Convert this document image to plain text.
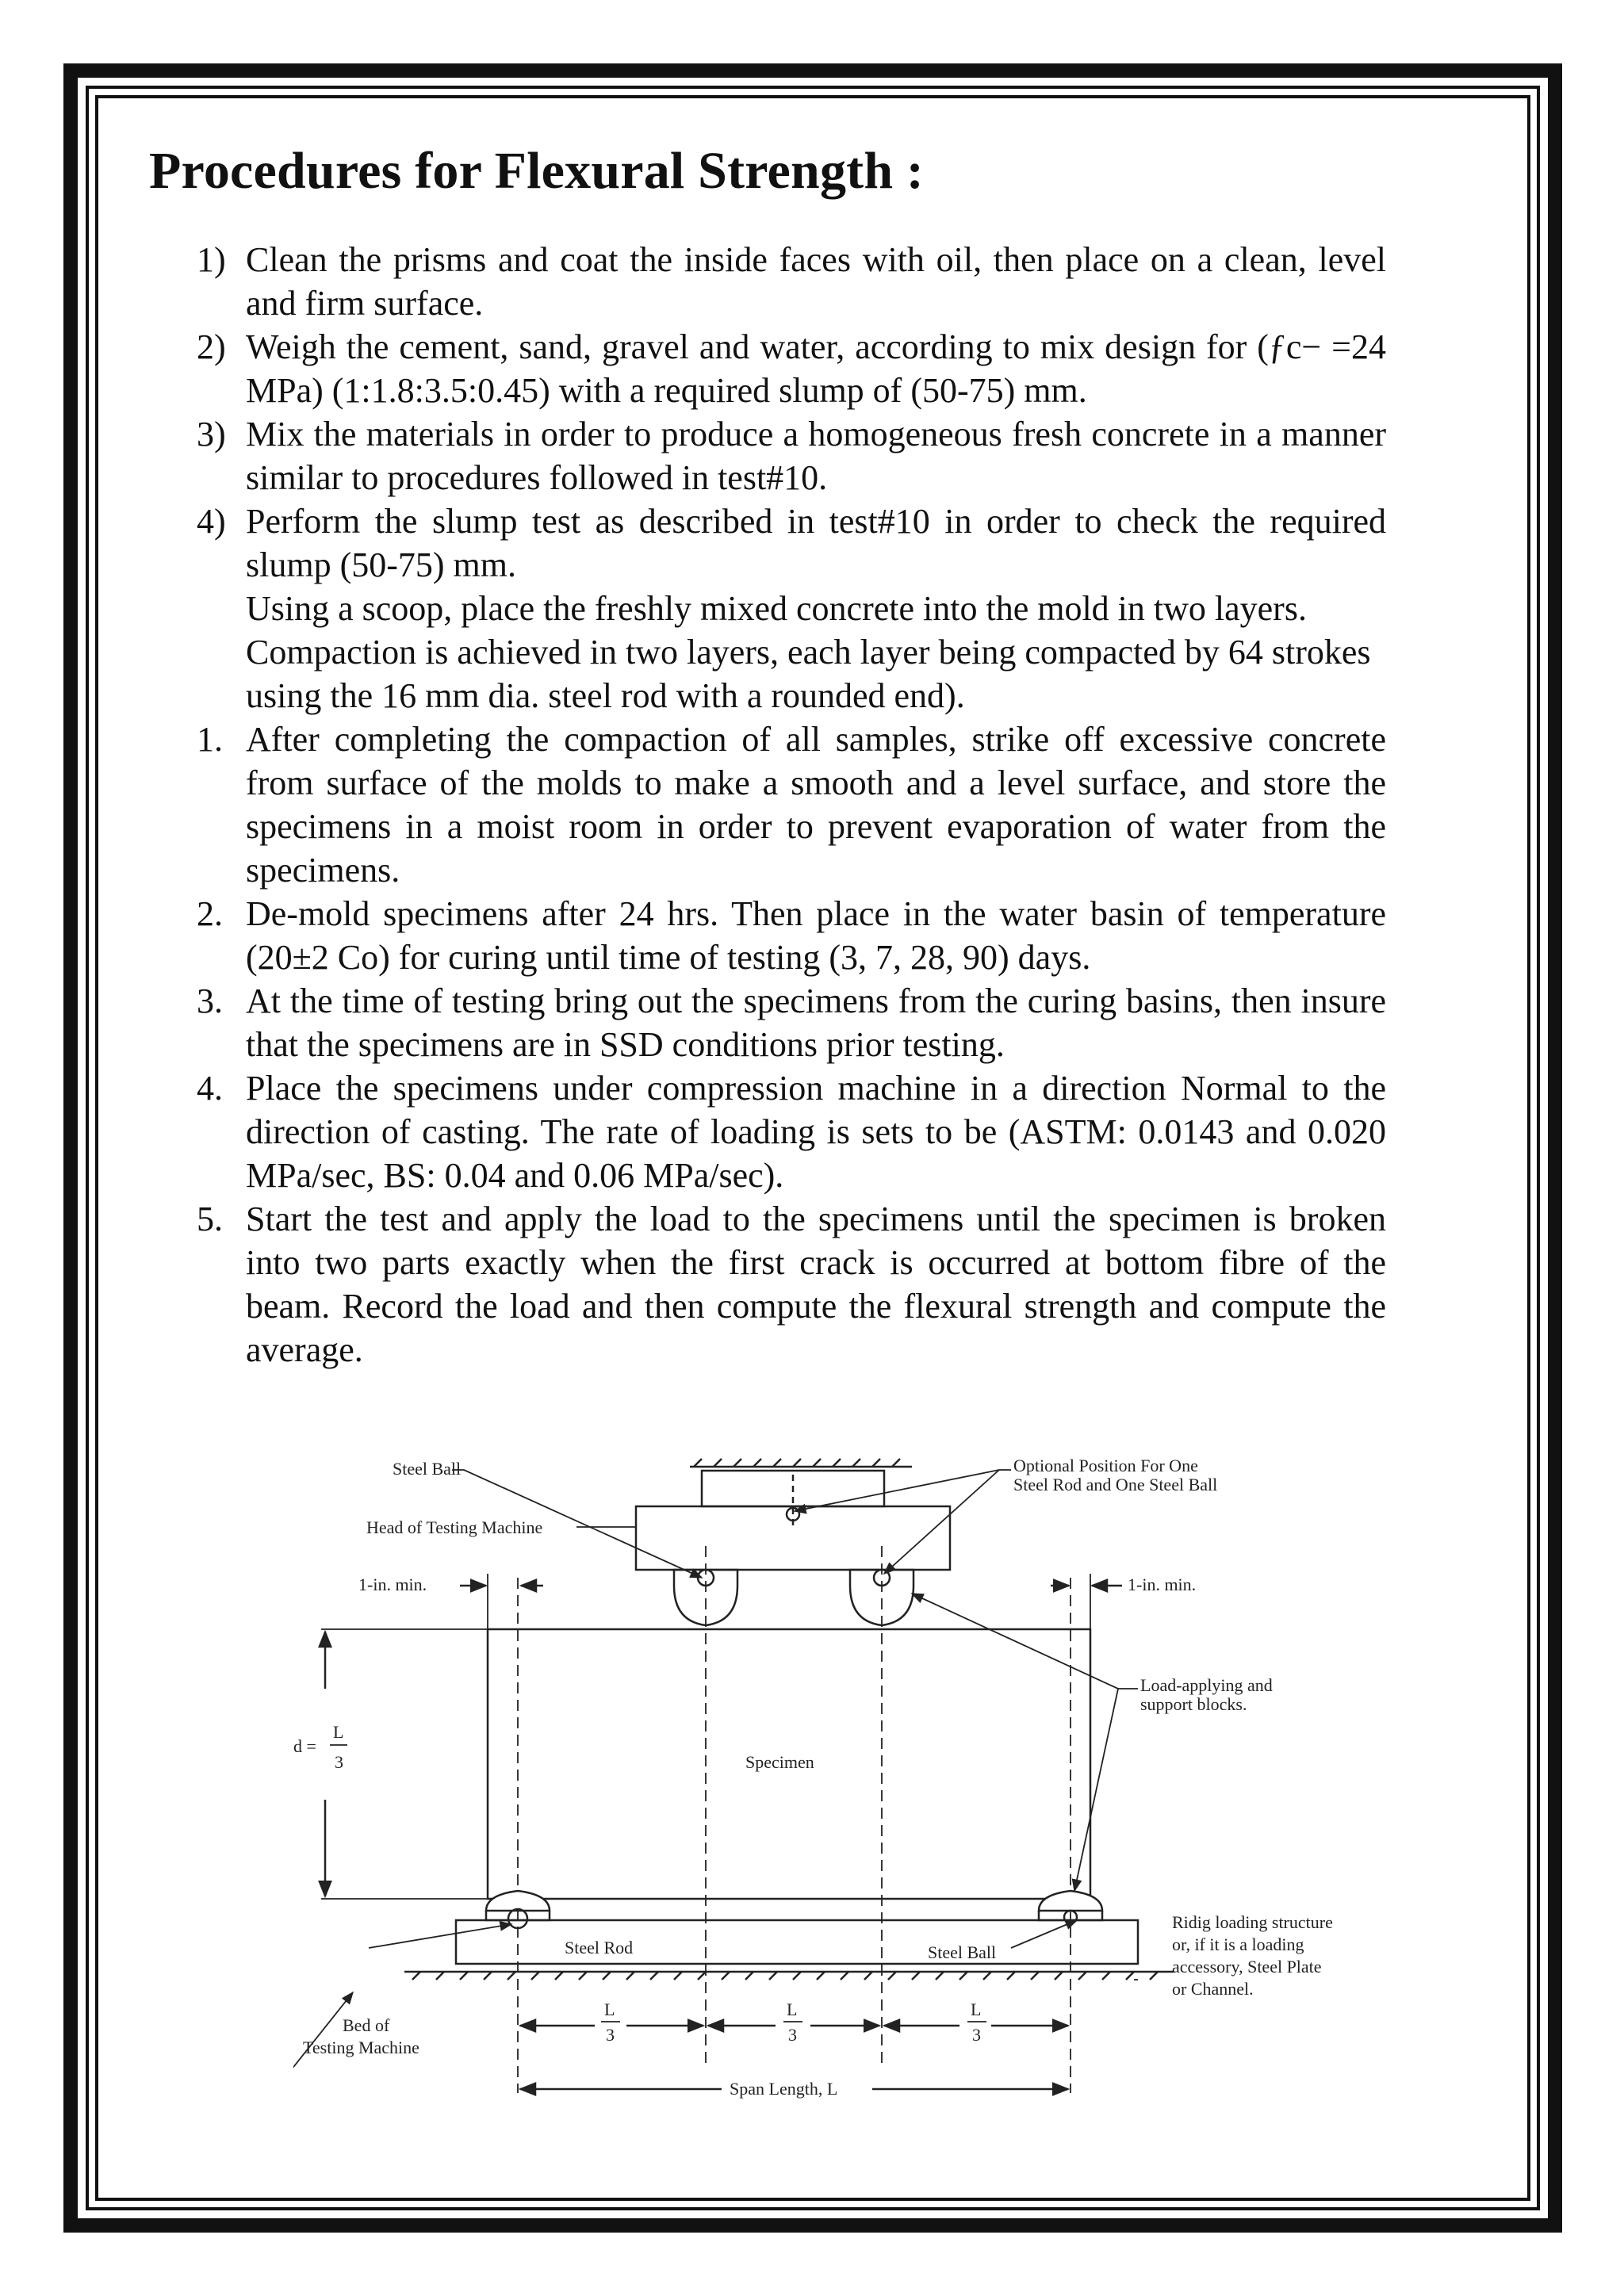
Procedures for Flexural Strength :
1) Clean the prisms and coat the inside faces with oil, then place on a clean, level and firm surface.
2) Weigh the cement, sand, gravel and water, according to mix design for (ƒc− =24 MPa) (1:1.8:3.5:0.45) with a required slump of (50-75) mm.
3) Mix the materials in order to produce a homogeneous fresh concrete in a manner similar to procedures followed in test#10.
4) Perform the slump test as described in test#10 in order to check the required slump (50-75) mm.
Using a scoop, place the freshly mixed concrete into the mold in two layers. Compaction is achieved in two layers, each layer being compacted by 64 strokes using the 16 mm dia. steel rod with a rounded end).
1. After completing the compaction of all samples, strike off excessive concrete from surface of the molds to make a smooth and a level surface, and store the specimens in a moist room in order to prevent evaporation of water from the specimens.
2. De-mold specimens after 24 hrs. Then place in the water basin of temperature (20±2 Co) for curing until time of testing (3, 7, 28, 90) days.
3. At the time of testing bring out the specimens from the curing basins, then insure that the specimens are in SSD conditions prior testing.
4. Place the specimens under compression machine in a direction Normal to the direction of casting. The rate of loading is sets to be (ASTM: 0.0143 and 0.020 MPa/sec, BS: 0.04 and 0.06 MPa/sec).
5. Start the test and apply the load to the specimens until the specimen is broken into two parts exactly when the first crack is occurred at bottom fibre of the beam. Record the load and then compute the flexural strength and compute the average.
Steel Ball	Optional Position For One
Steel Rod and One Steel Ball
Head of Testing Machine
1-in. min.	1-in. min.
Load-applying and
support blocks.
d =
L
3	Specimen
Steel Rod	Steel Ball
Ridig loading structure
or, if it is a loading
accessory, Steel Plate
or Channel.
Bed of
Testing Machine
L
3
L
3
L
3
Span Length, L
